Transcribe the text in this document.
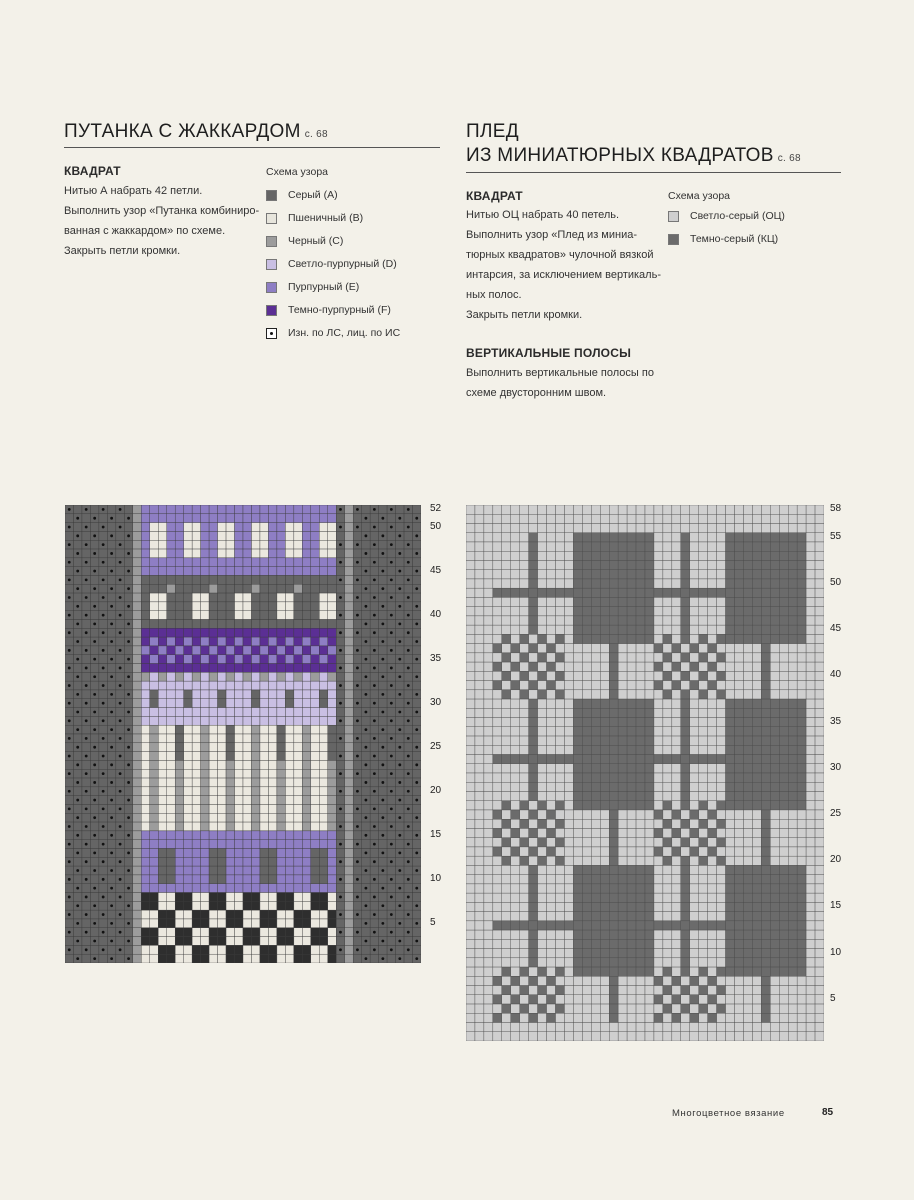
ПУТАНКА С ЖАККАРДОМ с. 68
КВАДРАТ
Нитью А набрать 42 петли.
Выполнить узор «Путанка комбиниро-
ванная с жаккардом» по схеме.
Закрыть петли кромки.
Схема узора
Серый (A)
Пшеничный (B)
Черный (C)
Светло-пурпурный (D)
Пурпурный (E)
Темно-пурпурный (F)
Изн. по ЛС, лиц. по ИС
ПЛЕД
ИЗ МИНИАТЮРНЫХ КВАДРАТОВ с. 68
КВАДРАТ
Нитью ОЦ набрать 40 петель.
Выполнить узор «Плед из миниа-
тюрных квадратов» чулочной вязкой
интарсия, за исключением вертикаль-
ных полос.
Закрыть петли кромки.
ВЕРТИКАЛЬНЫЕ ПОЛОСЫ
Выполнить вертикальные полосы по
схеме двусторонним швом.
Схема узора
Светло-серый (ОЦ)
Темно-серый (КЦ)
52
50
45
40
35
30
25
20
15
10
5
58
55
50
45
40
35
30
25
20
15
10
5
Многоцветное вязание	85
